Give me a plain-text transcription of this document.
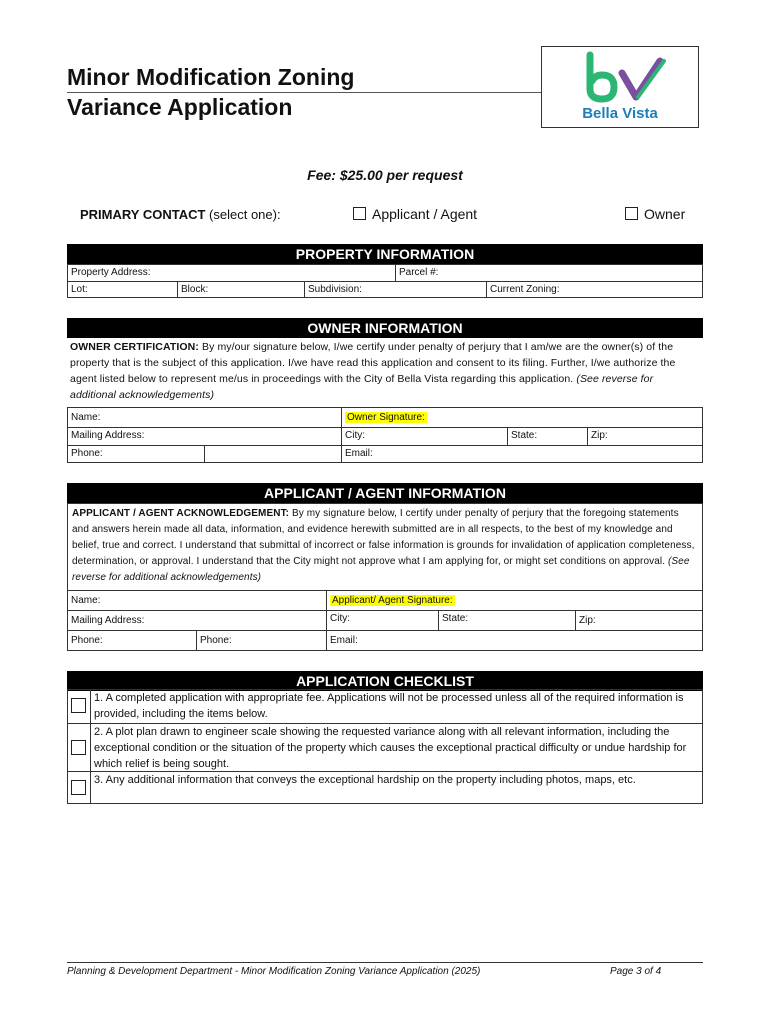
Minor Modification Zoning
Variance Application	Bella Vista
Fee: $25.00 per request
PRIMARY CONTACT (select one):	Applicant / Agent	Owner
PROPERTY INFORMATION
Property Address:	Parcel #:
Lot:	Block:	Subdivision:	Current Zoning:
OWNER INFORMATION
OWNER CERTIFICATION: By my/our signature below, I/we certify under penalty of perjury that I am/we are the owner(s) of the property that is the subject of this application. I/we have read this application and consent to its filing. Further, I/we authorize the agent listed below to represent me/us in proceedings with the City of Bella Vista regarding this application. (See reverse for additional acknowledgements)
Name:	Owner Signature:
Mailing Address:	City:	State:	Zip:
Phone:	Email:
APPLICANT / AGENT INFORMATION
APPLICANT / AGENT ACKNOWLEDGEMENT: By my signature below, I certify under penalty of perjury that the foregoing statements and answers herein made all data, information, and evidence herewith submitted are in all respects, to the best of my knowledge and belief, true and correct. I understand that submittal of incorrect or false information is grounds for invalidation of application completeness, determination, or approval. I understand that the City might not approve what I am applying for, or might set conditions on approval. (See reverse for additional acknowledgements)
Name:	Applicant/ Agent Signature:
Mailing Address:	City:	State:	Zip:
Phone:	Phone:	Email:
APPLICATION CHECKLIST
1. A completed application with appropriate fee. Applications will not be processed unless all of the required information is provided, including the items below.
2. A plot plan drawn to engineer scale showing the requested variance along with all relevant information, including the exceptional condition or the situation of the property which causes the exceptional practical difficulty or undue hardship for which relief is being sought.
3. Any additional information that conveys the exceptional hardship on the property including photos, maps, etc.
Planning & Development Department - Minor Modification Zoning Variance Application (2025)	Page 3 of 4
